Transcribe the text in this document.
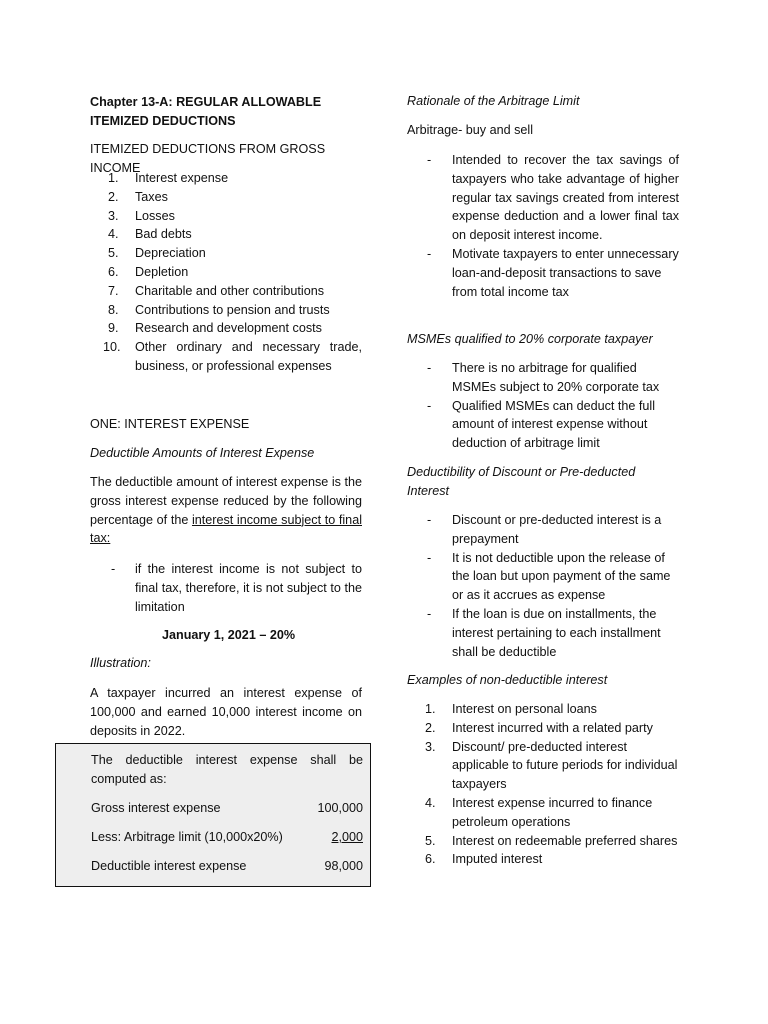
Chapter 13-A: REGULAR ALLOWABLE ITEMIZED DEDUCTIONS

ITEMIZED DEDUCTIONS FROM GROSS INCOME

1. Interest expense
2. Taxes
3. Losses
4. Bad debts
5. Depreciation
6. Depletion
7. Charitable and other contributions
8. Contributions to pension and trusts
9. Research and development costs
10. Other ordinary and necessary trade, business, or professional expenses

ONE: INTEREST EXPENSE

Deductible Amounts of Interest Expense

The deductible amount of interest expense is the gross interest expense reduced by the following percentage of the interest income subject to final tax:

- if the interest income is not subject to final tax, therefore, it is not subject to the limitation

January 1, 2021 – 20%

Illustration:

A taxpayer incurred an interest expense of 100,000 and earned 10,000 interest income on deposits in 2022.

The deductible interest expense shall be computed as:

Gross interest expense	100,000
Less: Arbitrage limit (10,000x20%)	2,000
Deductible interest expense	98,000

Rationale of the Arbitrage Limit

Arbitrage- buy and sell

- Intended to recover the tax savings of taxpayers who take advantage of higher regular tax savings created from interest expense deduction and a lower final tax on deposit interest income.
- Motivate taxpayers to enter unnecessary loan-and-deposit transactions to save from total income tax

MSMEs qualified to 20% corporate taxpayer

- There is no arbitrage for qualified MSMEs subject to 20% corporate tax
- Qualified MSMEs can deduct the full amount of interest expense without deduction of arbitrage limit

Deductibility of Discount or Pre-deducted Interest

- Discount or pre-deducted interest is a prepayment
- It is not deductible upon the release of the loan but upon payment of the same or as it accrues as expense
- If the loan is due on installments, the interest pertaining to each installment shall be deductible

Examples of non-deductible interest

1. Interest on personal loans
2. Interest incurred with a related party
3. Discount/ pre-deducted interest applicable to future periods for individual taxpayers
4. Interest expense incurred to finance petroleum operations
5. Interest on redeemable preferred shares
6. Imputed interest
